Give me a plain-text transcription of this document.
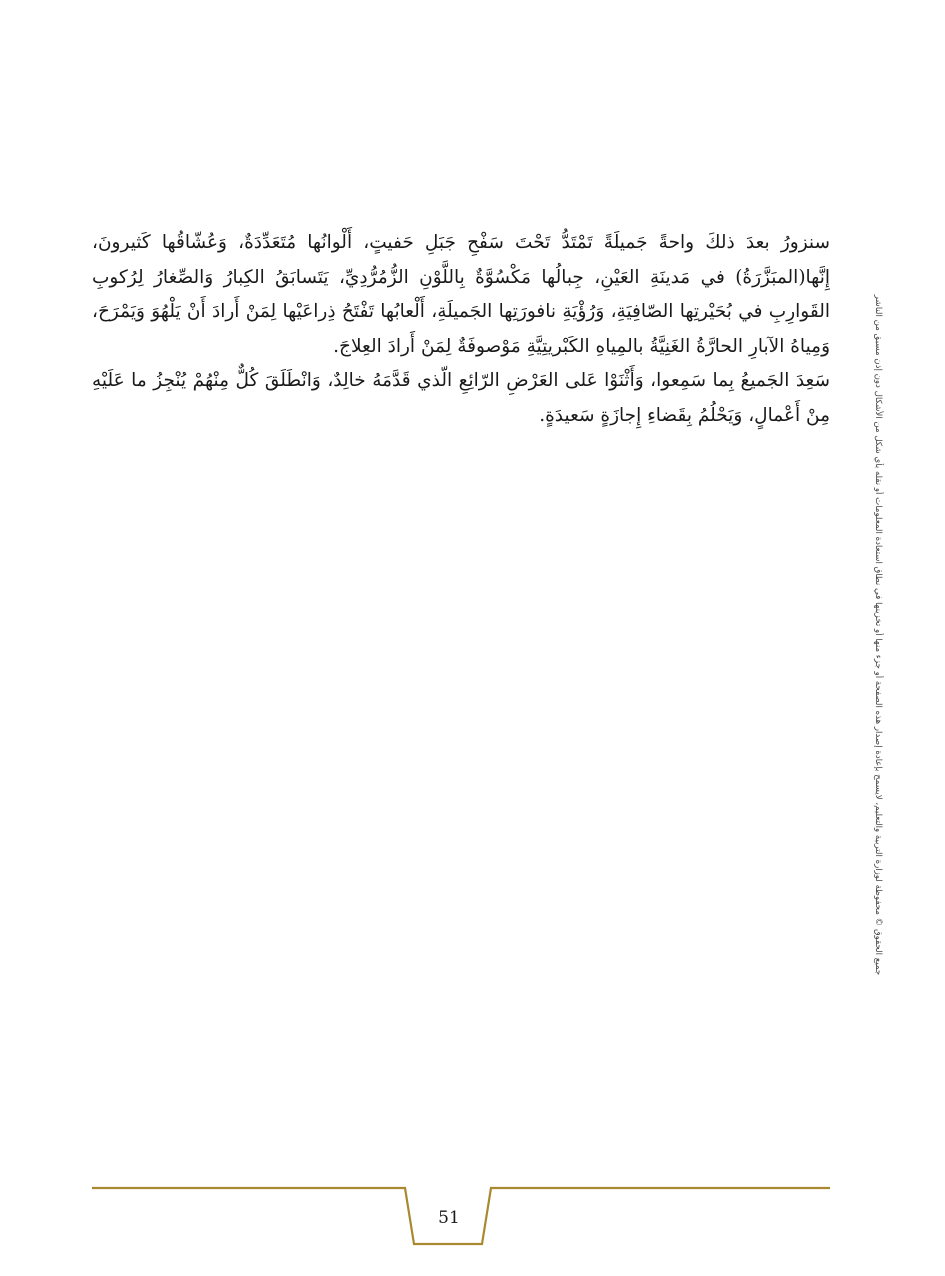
سنزورُ بعدَ ذلكَ واحةً جَميلَةً تَمْتَدُّ تَحْتَ سَفْحِ جَبَلِ حَفيتٍ، أَلْوانُها مُتَعَدِّدَةٌ، وَعُشّاقُها كَثيرونَ، إِنَّها(المبَزَّرَةُ) في مَدينَةِ العَيْنِ، جِبالُها مَكْسُوَّةٌ بِاللَّوْنِ الزُّمُرُّدِيِّ، يَتَسابَقُ الكِبارُ وَالصِّغارُ لِرُكوبِ القَوارِبِ في بُحَيْرتِها الصّافِيَةِ، وَرُؤْيَةِ نافورَتِها الجَميلَةِ، أَلْعابُها تَفْتَحُ ذِراعَيْها لِمَنْ أَرادَ أَنْ يَلْهُوَ وَيَمْرَحَ، وَمِياهُ الآبارِ الحارَّةُ الغَنِيَّةُ بالمِياهِ الكَبْريتِيَّةِ مَوْصوفَةٌ لِمَنْ أَرادَ العِلاجَ.

سَعِدَ الجَميعُ بِما سَمِعوا، وَأَثْنَوْا عَلى العَرْضِ الرّائِعِ الّذي قَدَّمَهُ خالِدٌ، وَانْطَلَقَ كُلٌّ مِنْهُمْ يُنْجِزُ ما عَلَيْهِ مِنْ أَعْمالٍ، وَيَحْلُمُ بِقَضاءِ إِجازَةٍ سَعيدَةٍ.	جميع الحقوق © محفوظة لوزارة التربية والتعليم، لايسمح بإعادة إصدار هذه الصفحة أو جزء منها أو تخزينها في نطاق استعادة المعلومات أو نقله بأي شكل من الأشكال دون إذن مسبق من الناشر
51
